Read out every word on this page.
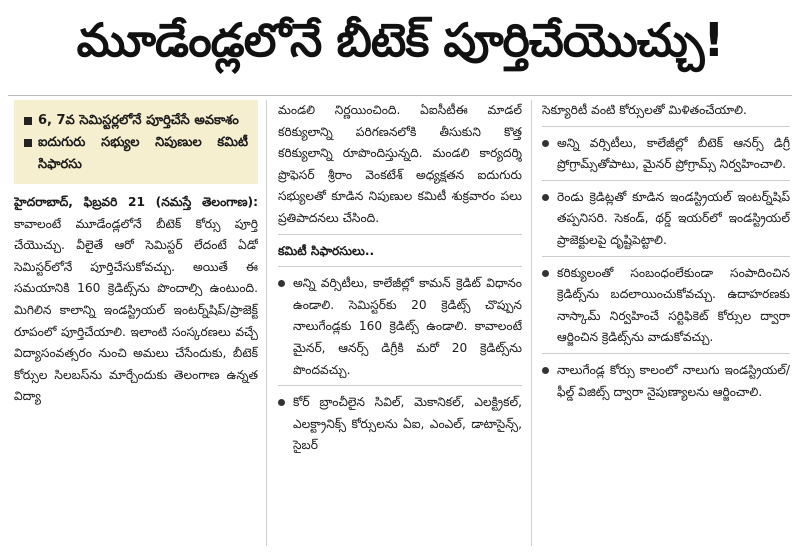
మూడేండ్లలోనే బీటెక్ పూర్తిచేయొచ్చు!
6, 7వ సెమిస్టర్లలోనే పూర్తిచేసే అవకాశం
ఐదుగురు సభ్యుల నిపుణుల కమిటీ సిఫారసు

హైదరాబాద్, ఫిబ్రవరి 21 (నమస్తే తెలంగాణ): కావాలంటే మూడేండ్లలోనే బీటెక్ కోర్సు పూర్తి చేయొచ్చు. వీలైతే ఆరో సెమిస్టర్ లేదంటే ఏడో సెమిస్టర్‌లోనే పూర్తిచేసుకోవచ్చు. అయితే ఈ సమయానికి 160 క్రెడిట్స్‌ను పొందాల్సి ఉంటుంది. మిగిలిన కాలాన్ని ఇండస్ట్రియల్ ఇంటర్న్‌షిప్/ప్రాజెక్ట్ రూపంలో పూర్తిచేయాలి. ఇలాంటి సంస్కరణలు వచ్చే విద్యాసంవత్సరం నుంచి అమలు చేసేందుకు, బీటెక్ కోర్సుల సిలబస్‌ను మార్చేందుకు తెలంగాణ ఉన్నత విద్యా

మండలి నిర్ణయించింది. ఏఐసీటీఈ మాడల్ కరిక్యులాన్ని పరిగణనలోకి తీసుకుని కొత్త కరిక్యులాన్ని రూపొందిస్తున్నది. మండలి కార్యదర్శి ప్రొఫెసర్ శ్రీరాం వెంకటేశ్ అధ్యక్షతన ఐదుగురు సభ్యులతో కూడిన నిపుణుల కమిటీ శుక్రవారం పలు ప్రతిపాదనలు చేసింది.

కమిటీ సిఫారసులు..

అన్ని వర్సిటీలు, కాలేజీల్లో కామన్ క్రెడిట్ విధానం ఉండాలి. సెమిస్టర్‌కు 20 క్రెడిట్స్ చొప్పున నాలుగేండ్లకు 160 క్రెడిట్స్ ఉండాలి. కావాలంటే మైనర్, ఆనర్స్ డిగ్రీకి మరో 20 క్రెడిట్స్‌ను పొందవచ్చు.

కోర్ బ్రాంచీలైన సివిల్, మెకానికల్, ఎలక్ట్రికల్, ఎలక్ట్రానిక్స్ కోర్సులను ఏఐ, ఎంఎల్, డాటాసైన్స్, సైబర్

సెక్యూరిటీ వంటి కోర్సులతో మిళితంచేయాలి.

అన్ని వర్సిటీలు, కాలేజీల్లో బీటెక్ ఆనర్స్ డిగ్రీ ప్రోగ్రామ్స్‌తోపాటు, మైనర్ ప్రోగ్రామ్స్ నిర్వహించాలి.

రెండు క్రెడిట్లతో కూడిన ఇండస్ట్రియల్ ఇంటర్న్‌షిప్ తప్పనిసరి. సెకండ్, థర్డ్ ఇయర్‌లో ఇండస్ట్రియల్ ప్రాజెక్టులపై దృష్టిపెట్టాలి.

కరిక్యులంతో సంబంధంలేకుండా సంపాదించిన క్రెడిట్స్‌ను బదలాయించుకోవచ్చు. ఉదాహరణకు నాస్కామ్ నిర్వహించే సర్టిఫికెట్ కోర్సుల ద్వారా ఆర్జించిన క్రెడిట్స్‌ను వాడుకోవచ్చు.

నాలుగేండ్ల కోర్సు కాలంలో నాలుగు ఇండస్ట్రియల్/ఫీల్డ్ విజిట్స్ ద్వారా నైపుణ్యాలను ఆర్జించాలి.
